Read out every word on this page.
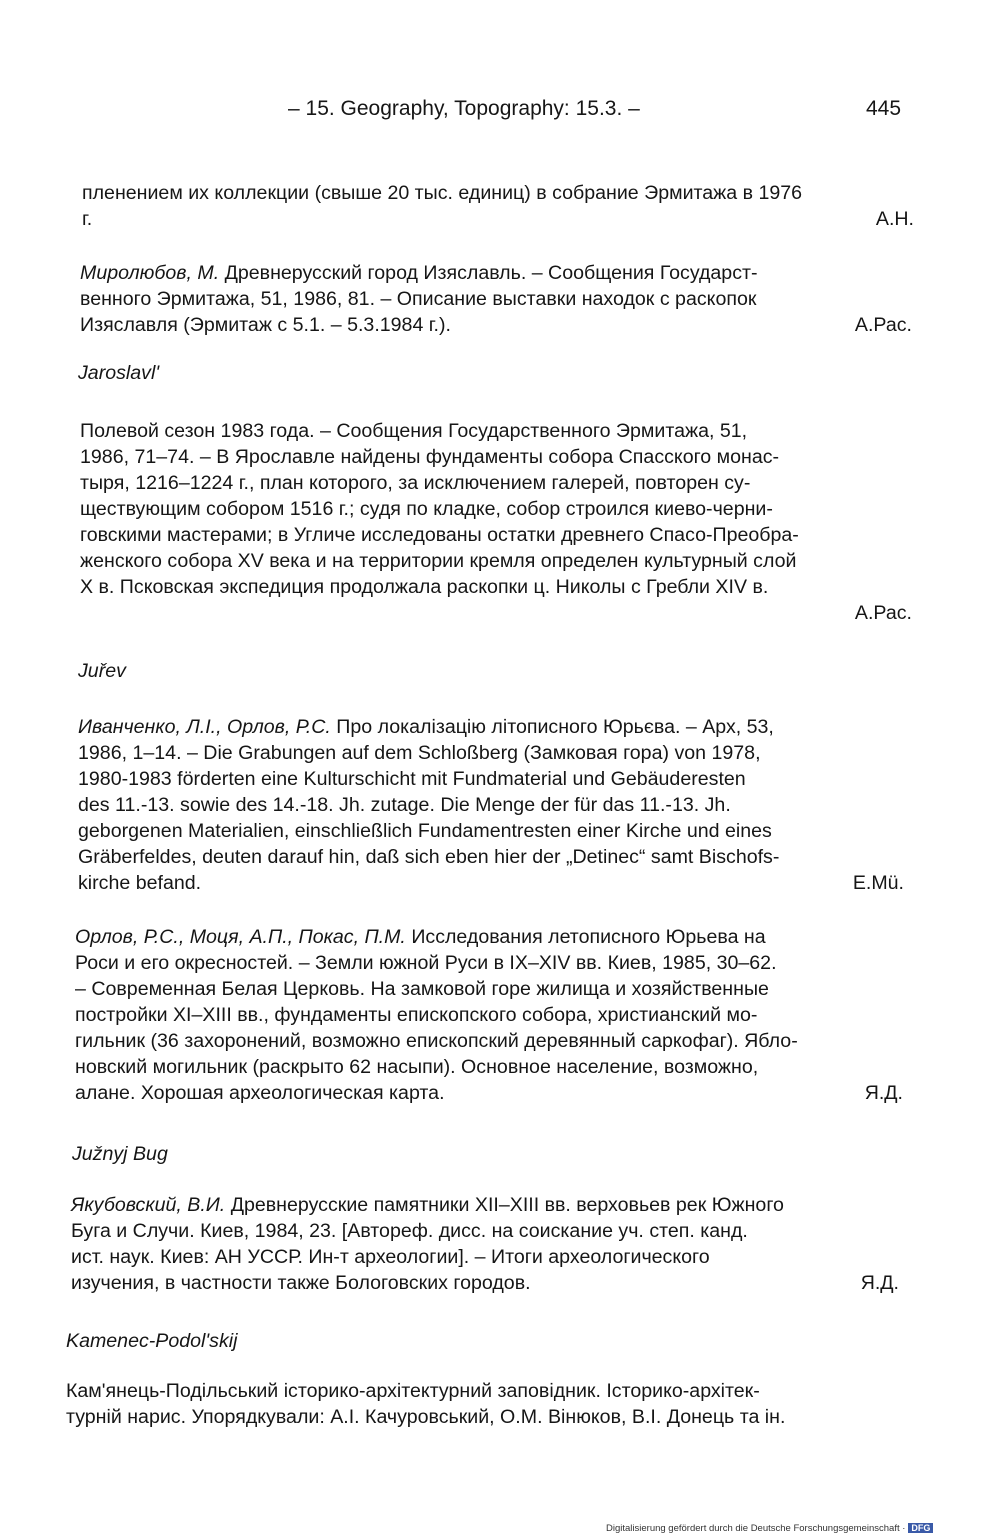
– 15. Geography, Topography: 15.3. –	445

пленением их коллекции (свыше 20 тыс. единиц) в собрание Эрмитажа в 1976

г.	А.Н.

Миролюбов, М. Древнерусский город Изяславль. – Сообщения Государст-

венного Эрмитажа, 51, 1986, 81. – Описание выставки находок с раскопок

Изяславля (Эрмитаж с 5.1. – 5.3.1984 г.).	А.Рас.
Jaroslavl'

Полевой сезон 1983 года. – Сообщения Государственного Эрмитажа, 51,

1986, 71–74. – В Ярославле найдены фундаменты собора Спасского монас-

тыря, 1216–1224 г., план которого, за исключением галерей, повторен су-

ществующим собором 1516 г.; судя по кладке, собор строился киево-черни-

говскими мастерами; в Угличе исследованы остатки древнего Спасо-Преобра-

женского собора XV века и на территории кремля определен культурный слой

X в. Псковская экспедиция продолжала раскопки ц. Николы с Гребли XIV в.

А.Рас.
Juřev

Иванченко, Л.І., Орлов, Р.С. Про локалізацію літописного Юрьєва. – Арх, 53,

1986, 1–14. – Die Grabungen auf dem Schloßberg (Замковая гора) von 1978,

1980-1983 förderten eine Kulturschicht mit Fundmaterial und Gebäuderesten

des 11.-13. sowie des 14.-18. Jh. zutage. Die Menge der für das 11.-13. Jh.

geborgenen Materialien, einschließlich Fundamentresten einer Kirche und eines

Gräberfeldes, deuten darauf hin, daß sich eben hier der „Detinec“ samt Bischofs-

kirche befand.	E.Mü.

Орлов, Р.С., Моця, А.П., Покас, П.М. Исследования летописного Юрьева на

Роси и его окресностей. – Земли южной Руси в IX–XIV вв. Киев, 1985, 30–62.

– Современная Белая Церковь. На замковой горе жилища и хозяйственные

постройки XI–XIII вв., фундаменты епископского собора, христианский мо-

гильник (36 захоронений, возможно епископский деревянный саркофаг). Ябло-

новский могильник (раскрыто 62 насыпи). Основное население, возможно,

алане. Хорошая археологическая карта.	Я.Д.
Južnyj Bug

Якубовский, В.И. Древнерусские памятники XII–XIII вв. верховьев рек Южного

Буга и Случи. Киев, 1984, 23. [Автореф. дисс. на соискание уч. степ. канд.

ист. наук. Киев: АН УССР. Ин-т археологии]. – Итоги археологического

изучения, в частности также Бологовских городов.	Я.Д.
Kamenec-Podol'skij

Кам'янець-Подільський історико-архітектурний заповідник. Історико-архітек-

турній нарис. Упорядкували: А.І. Качуровський, О.М. Вінюков, В.І. Донець та ін.

Digitalisierung gefördert durch die Deutsche Forschungsgemeinschaft · DFG
